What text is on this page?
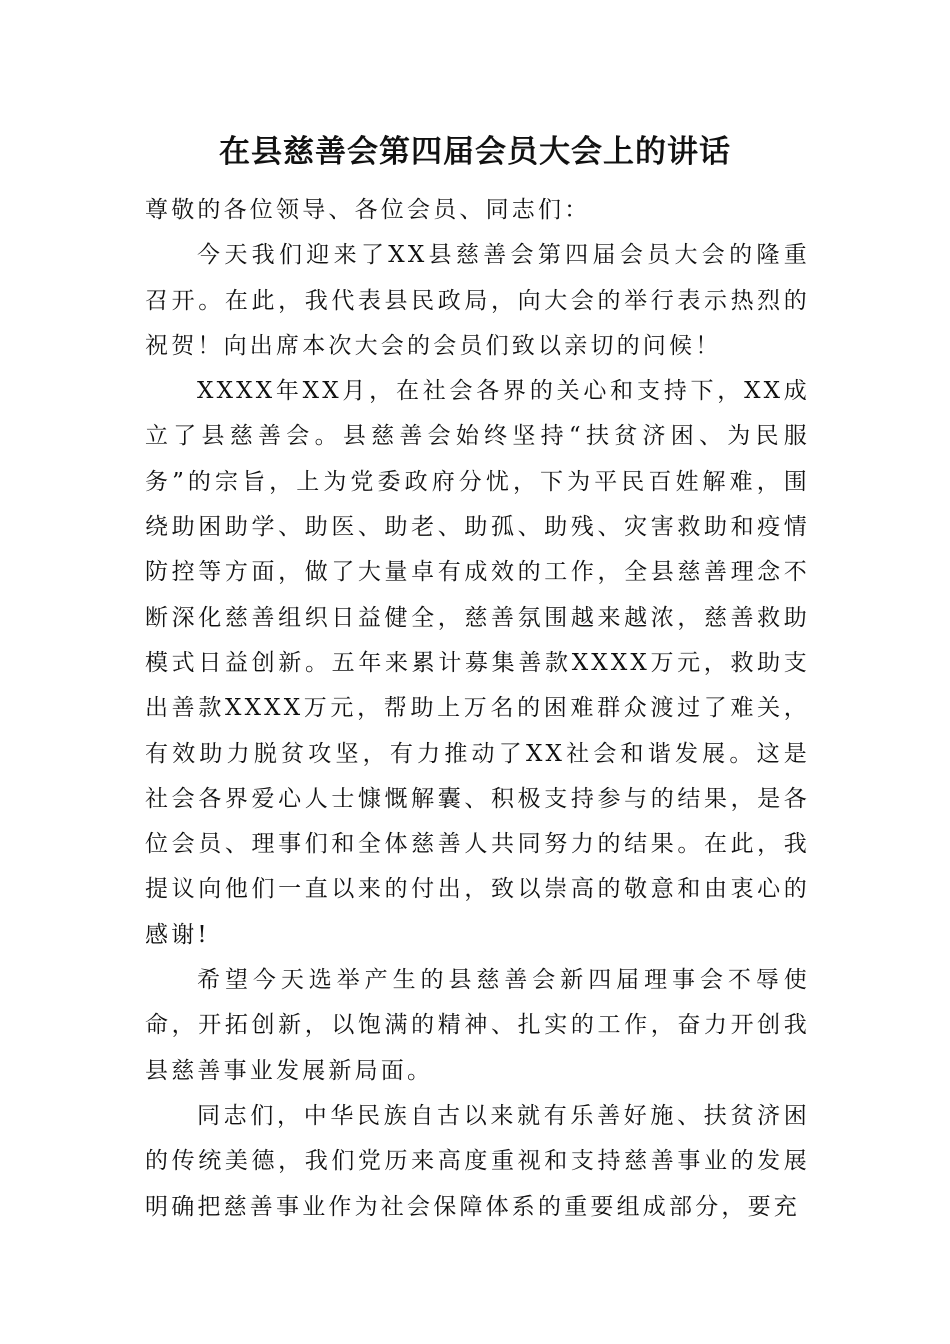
在县慈善会第四届会员大会上的讲话

尊敬的各位领导、各位会员、同志们：

今天我们迎来了XX县慈善会第四届会员大会的隆重召开。在此，我代表县民政局，向大会的举行表示热烈的祝贺！向出席本次大会的会员们致以亲切的问候！

XXXX年XX月，在社会各界的关心和支持下，XX成立了县慈善会。县慈善会始终坚持“扶贫济困、为民服务”的宗旨，上为党委政府分忧，下为平民百姓解难，围绕助困助学、助医、助老、助孤、助残、灾害救助和疫情防控等方面，做了大量卓有成效的工作，全县慈善理念不断深化慈善组织日益健全，慈善氛围越来越浓，慈善救助模式日益创新。五年来累计募集善款XXXX万元，救助支出善款XXXX万元，帮助上万名的困难群众渡过了难关，有效助力脱贫攻坚，有力推动了XX社会和谐发展。这是社会各界爱心人士慷慨解囊、积极支持参与的结果，是各位会员、理事们和全体慈善人共同努力的结果。在此，我提议向他们一直以来的付出，致以崇高的敬意和由衷心的感谢!

希望今天选举产生的县慈善会新四届理事会不辱使命，开拓创新，以饱满的精神、扎实的工作，奋力开创我县慈善事业发展新局面。

同志们，中华民族自古以来就有乐善好施、扶贫济困的传统美德，我们党历来高度重视和支持慈善事业的发展明确把慈善事业作为社会保障体系的重要组成部分，要充
